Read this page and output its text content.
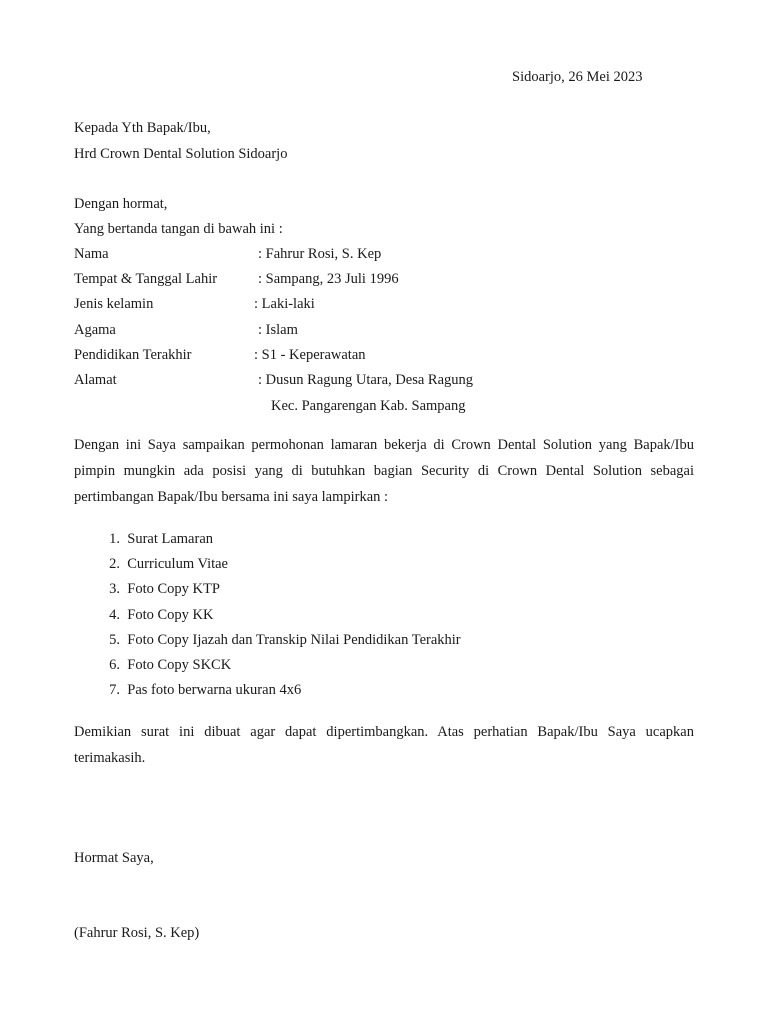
Sidoarjo, 26 Mei 2023
Kepada Yth Bapak/Ibu,
Hrd Crown Dental Solution Sidoarjo
Dengan hormat,
Yang bertanda tangan di bawah ini :
Nama	: Fahrur Rosi, S. Kep
Tempat & Tanggal Lahir	: Sampang, 23 Juli 1996
Jenis kelamin	: Laki-laki
Agama	: Islam
Pendidikan Terakhir	: S1 - Keperawatan
Alamat	: Dusun Ragung Utara, Desa Ragung
Kec. Pangarengan Kab. Sampang
Dengan ini Saya sampaikan permohonan lamaran bekerja di Crown Dental Solution yang Bapak/Ibu pimpin mungkin ada posisi yang di butuhkan bagian Security di Crown Dental Solution sebagai pertimbangan Bapak/Ibu bersama ini saya lampirkan :
1. Surat Lamaran
2. Curriculum Vitae
3. Foto Copy KTP
4. Foto Copy KK
5. Foto Copy Ijazah dan Transkip Nilai Pendidikan Terakhir
6. Foto Copy SKCK
7. Pas foto berwarna ukuran 4x6
Demikian surat ini dibuat agar dapat dipertimbangkan. Atas perhatian Bapak/Ibu Saya ucapkan terimakasih.
Hormat Saya,
(Fahrur Rosi, S. Kep)
